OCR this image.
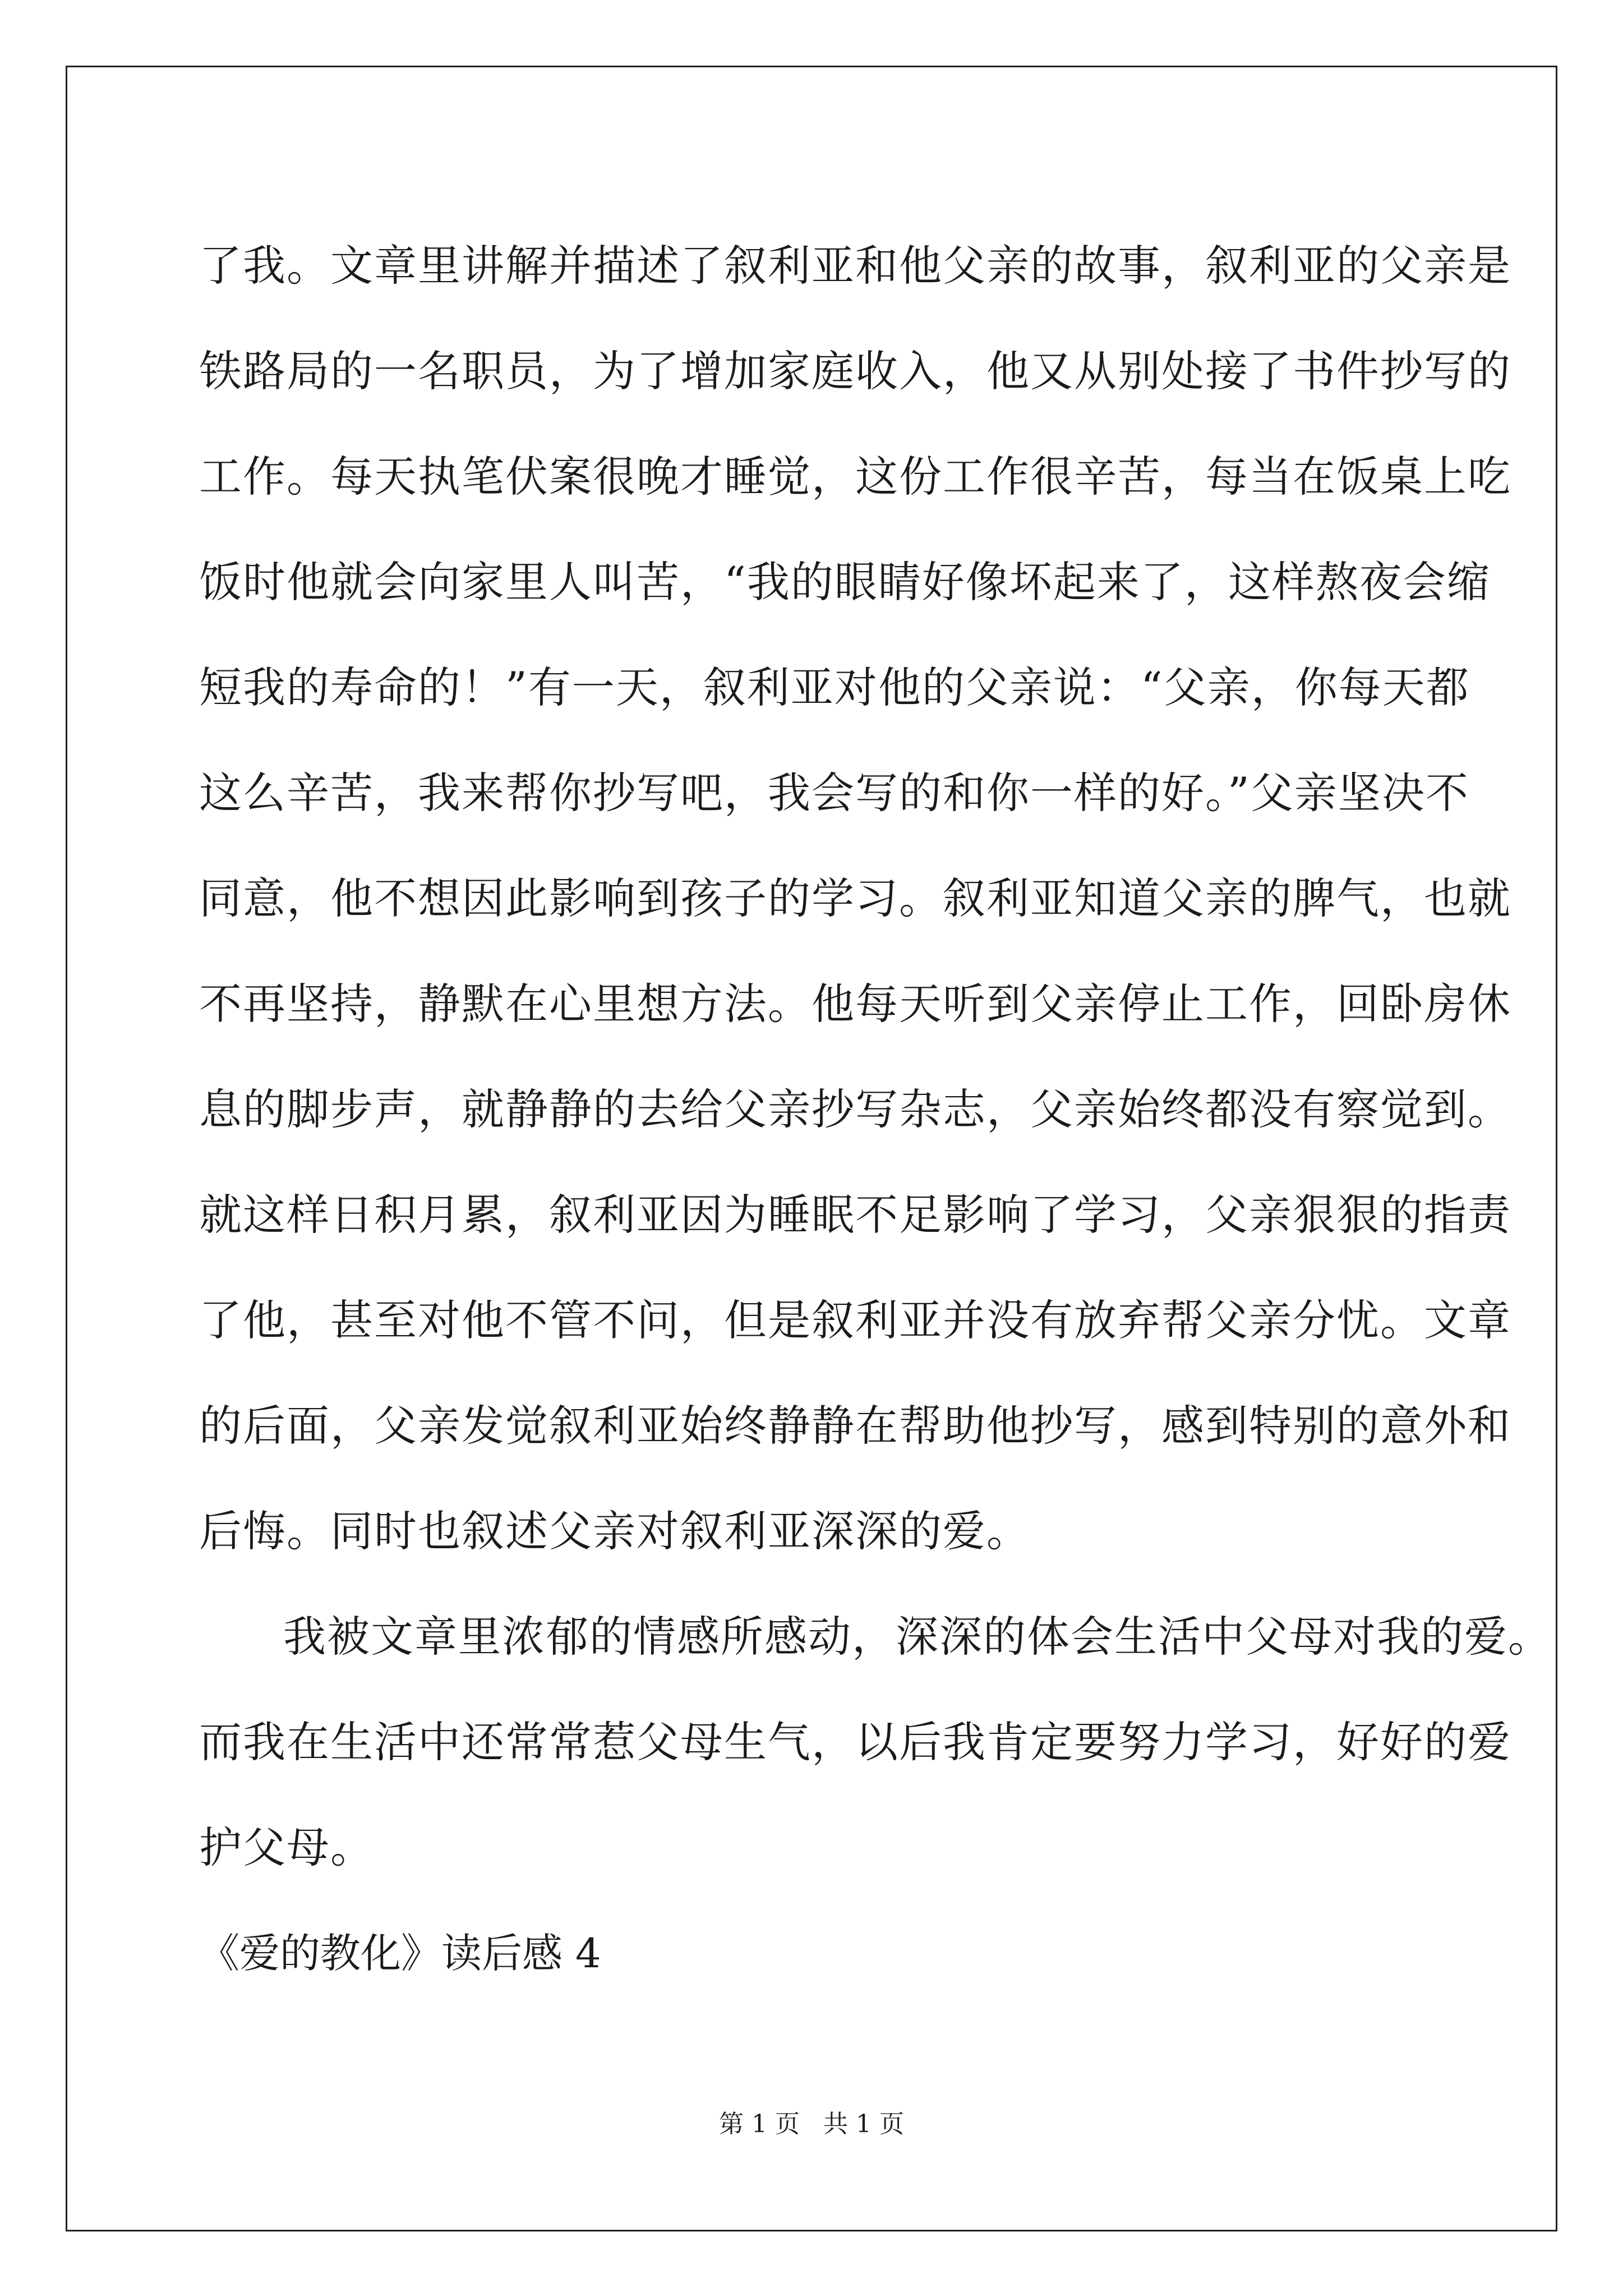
了我。文章里讲解并描述了叙利亚和他父亲的故事，叙利亚的父亲是
铁路局的一名职员，为了增加家庭收入，他又从别处接了书件抄写的
工作。每天执笔伏案很晚才睡觉，这份工作很辛苦，每当在饭桌上吃
饭时他就会向家里人叫苦，“我的眼睛好像坏起来了，这样熬夜会缩
短我的寿命的！”有一天，叙利亚对他的父亲说：“父亲，你每天都
这么辛苦，我来帮你抄写吧，我会写的和你一样的好。”父亲坚决不
同意，他不想因此影响到孩子的学习。叙利亚知道父亲的脾气，也就
不再坚持，静默在心里想方法。他每天听到父亲停止工作，回卧房休
息的脚步声，就静静的去给父亲抄写杂志，父亲始终都没有察觉到。
就这样日积月累，叙利亚因为睡眠不足影响了学习，父亲狠狠的指责
了他，甚至对他不管不问，但是叙利亚并没有放弃帮父亲分忧。文章
的后面，父亲发觉叙利亚始终静静在帮助他抄写，感到特别的意外和
后悔。同时也叙述父亲对叙利亚深深的爱。
我被文章里浓郁的情感所感动，深深的体会生活中父母对我的爱。
而我在生活中还常常惹父母生气，以后我肯定要努力学习，好好的爱
护父母。
《爱的教化》读后感 4
第 1 页   共 1 页
